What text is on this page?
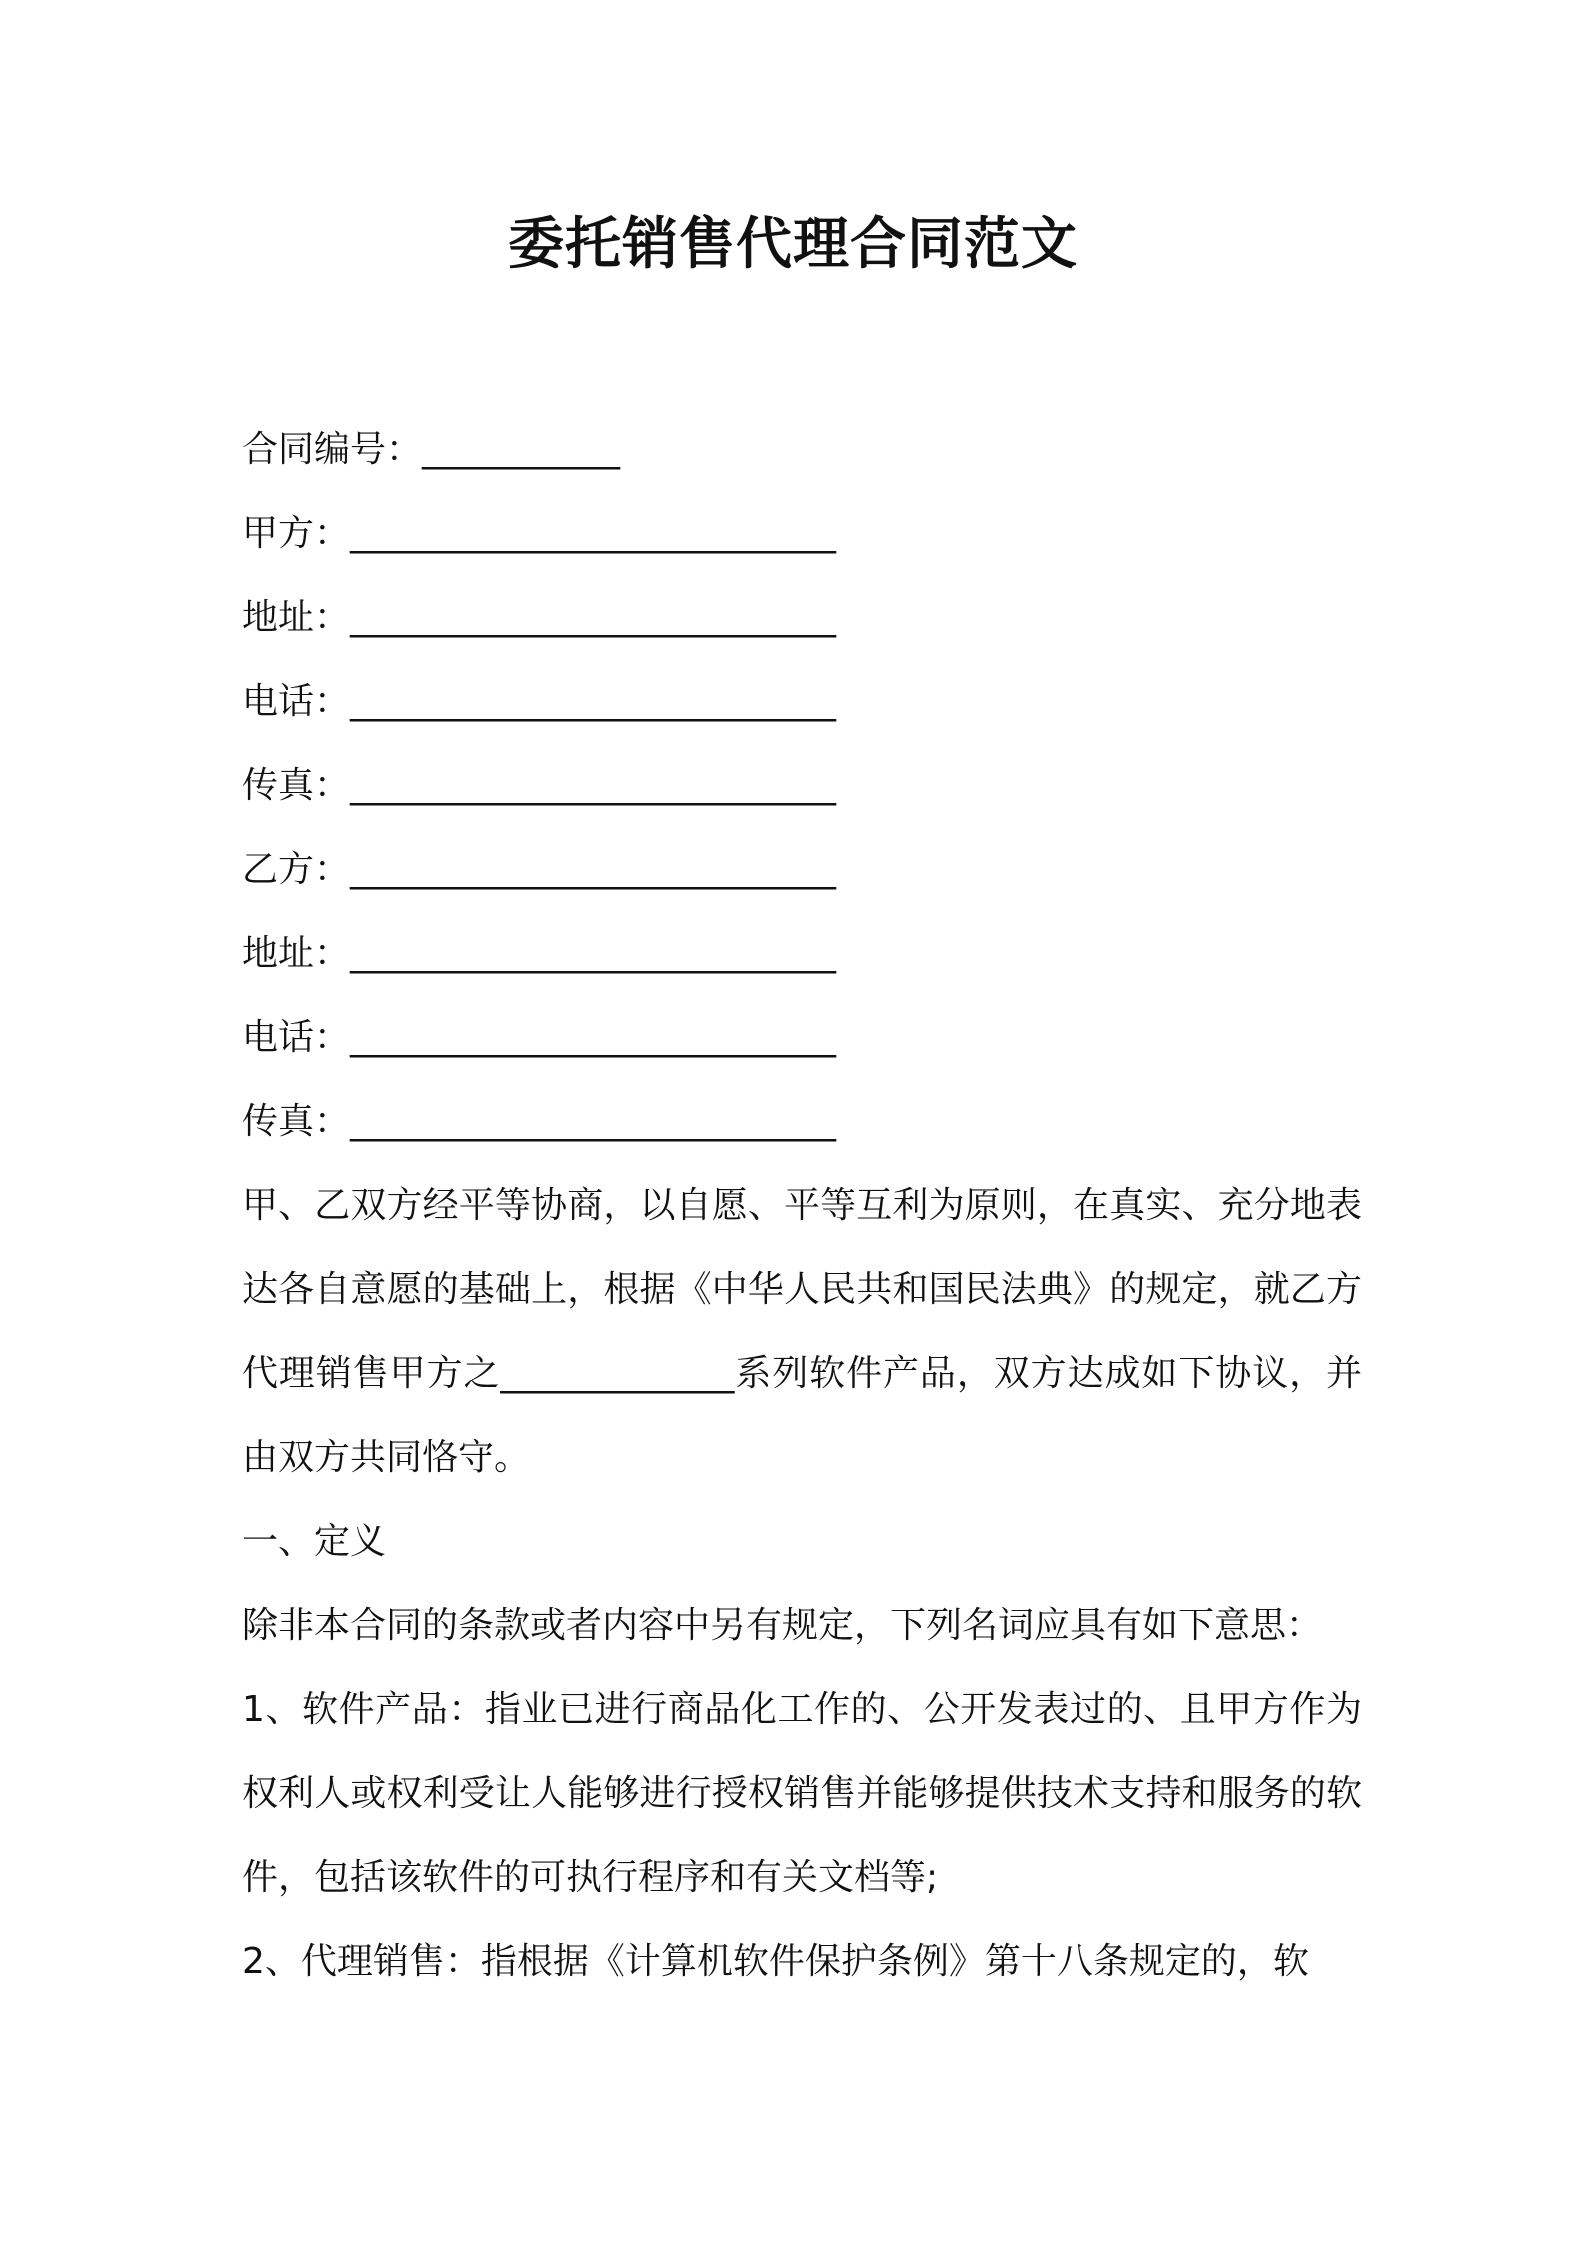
委托销售代理合同范文
合同编号：___________
甲方：___________________________
地址：___________________________
电话：___________________________
传真：___________________________
乙方：___________________________
地址：___________________________
电话：___________________________
传真：___________________________
甲、乙双方经平等协商，以自愿、平等互利为原则，在真实、充分地表达各自意愿的基础上，根据《中华人民共和国民法典》的规定，就乙方代理销售甲方之_____________系列软件产品，双方达成如下协议，并由双方共同恪守。
一、定义
除非本合同的条款或者内容中另有规定，下列名词应具有如下意思：
1、软件产品：指业已进行商品化工作的、公开发表过的、且甲方作为权利人或权利受让人能够进行授权销售并能够提供技术支持和服务的软件，包括该软件的可执行程序和有关文档等;
2、代理销售：指根据《计算机软件保护条例》第十八条规定的，软
